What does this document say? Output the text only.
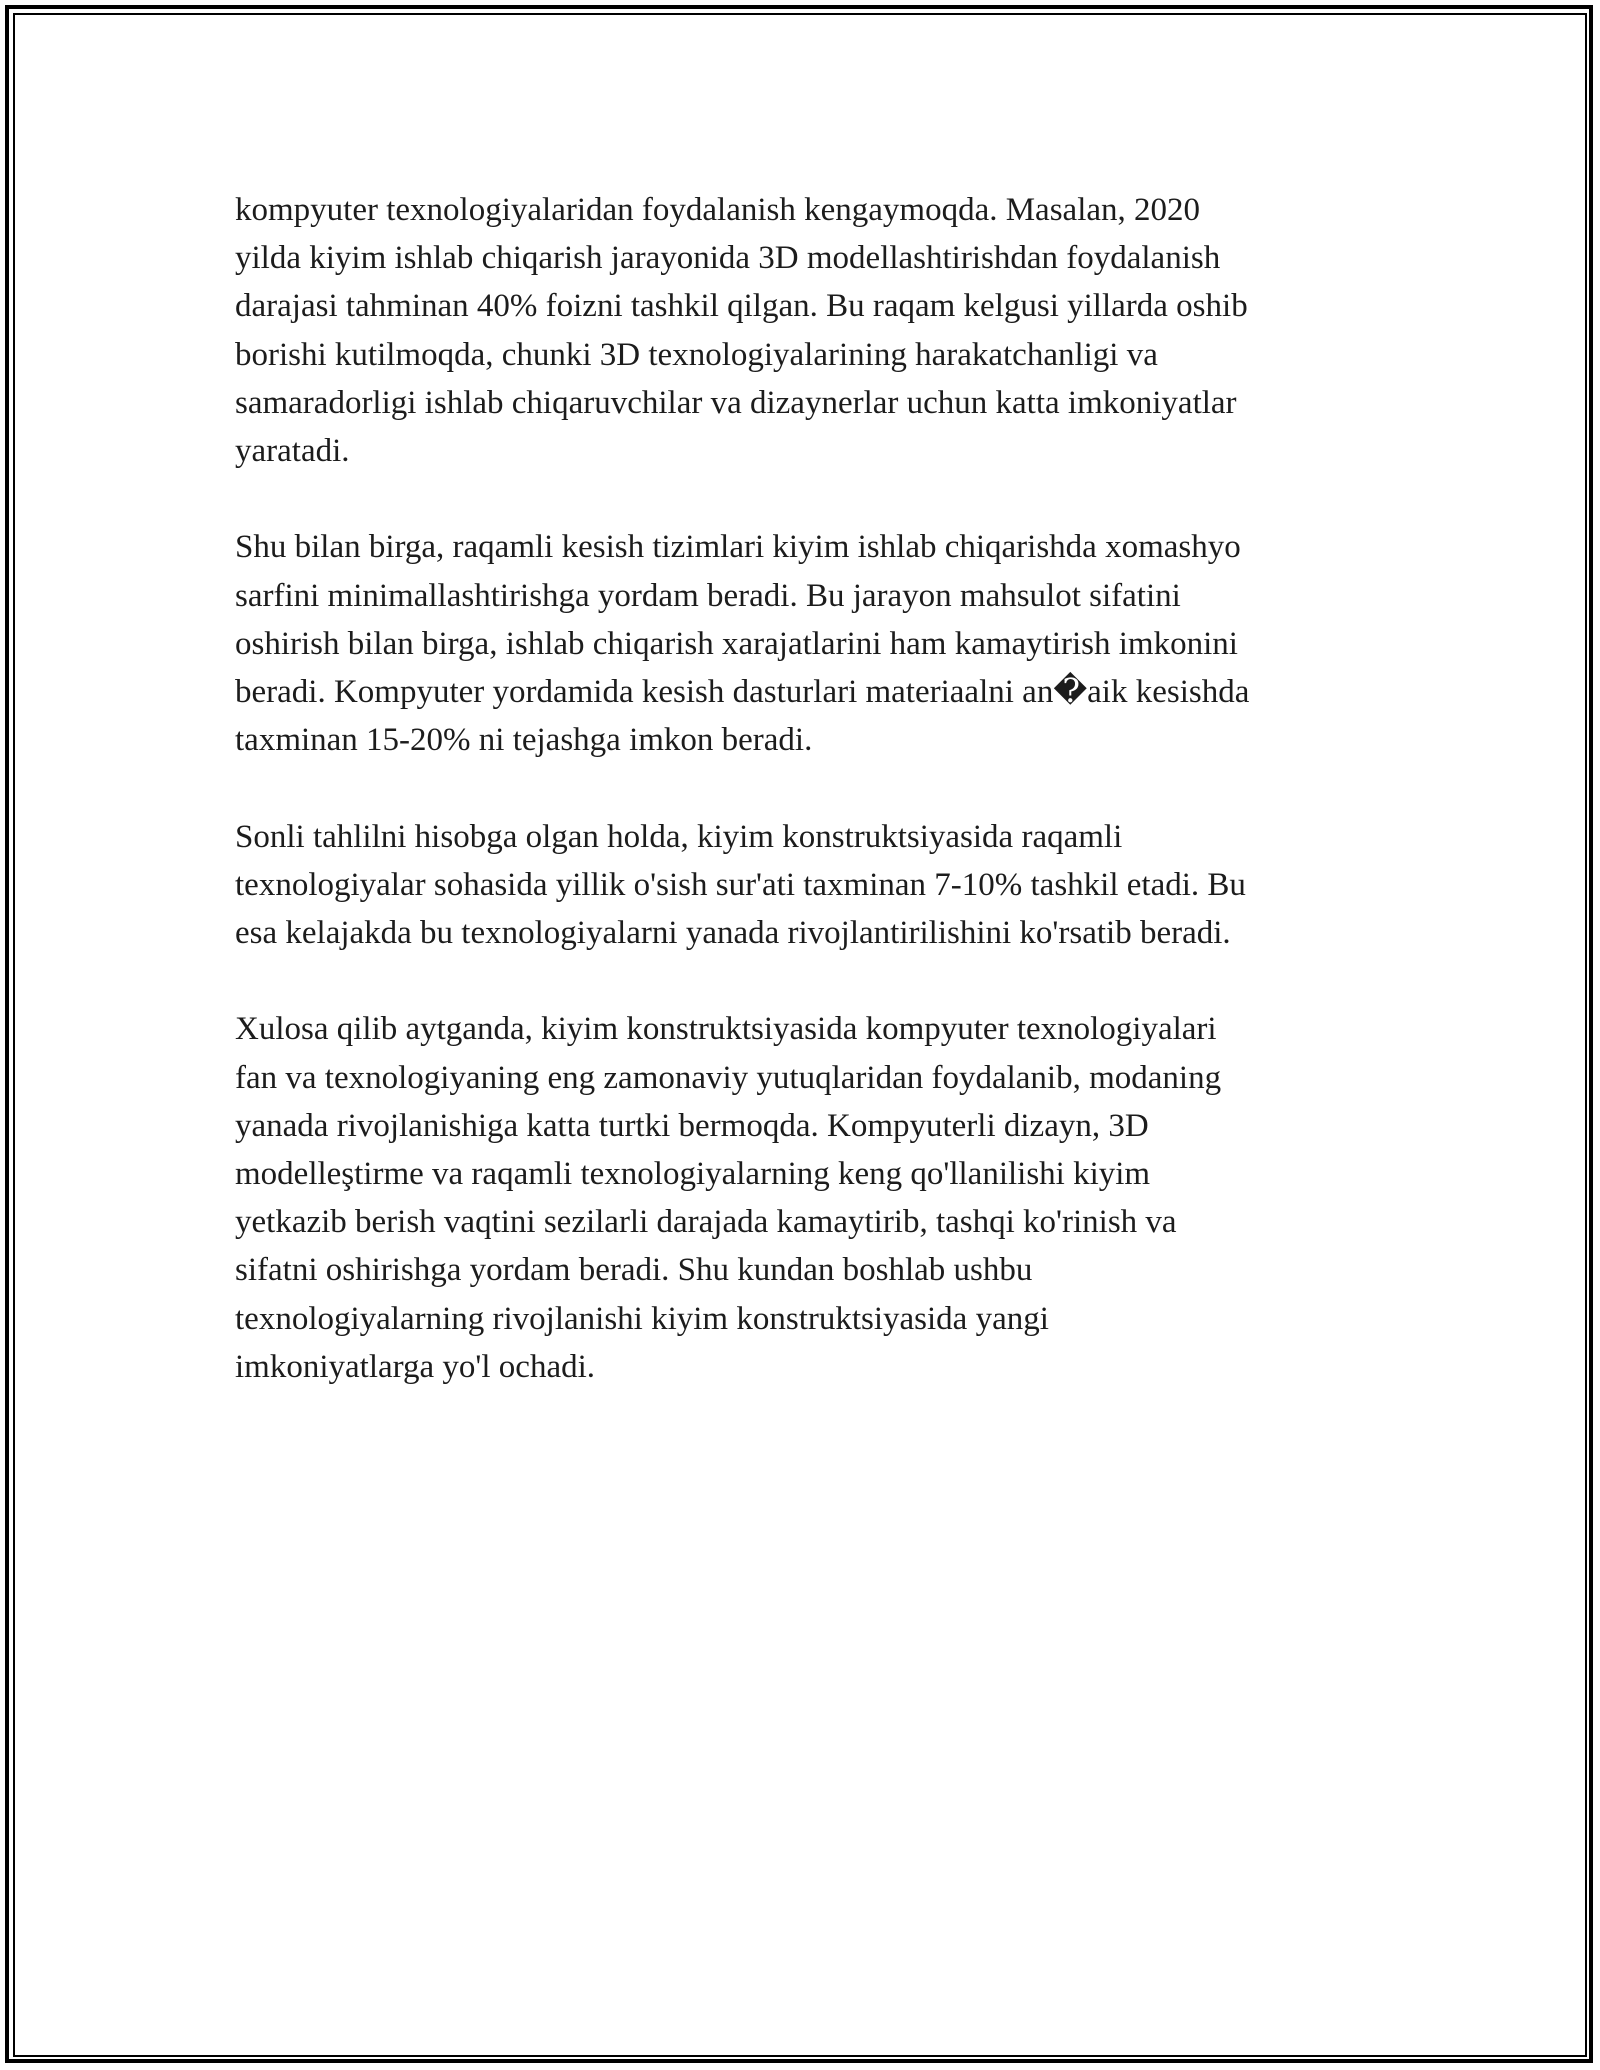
kompyuter texnologiyalaridan foydalanish kengaymoqda. Masalan, 2020
yilda kiyim ishlab chiqarish jarayonida 3D modellashtirishdan foydalanish
darajasi tahminan 40% foizni tashkil qilgan. Bu raqam kelgusi yillarda oshib
borishi kutilmoqda, chunki 3D texnologiyalarining harakatchanligi va
samaradorligi ishlab chiqaruvchilar va dizaynerlar uchun katta imkoniyatlar
yaratadi.

Shu bilan birga, raqamli kesish tizimlari kiyim ishlab chiqarishda xomashyo
sarfini minimallashtirishga yordam beradi. Bu jarayon mahsulot sifatini
oshirish bilan birga, ishlab chiqarish xarajatlarini ham kamaytirish imkonini
beradi. Kompyuter yordamida kesish dasturlari materiaalni an�aik kesishda
taxminan 15-20% ni tejashga imkon beradi.

Sonli tahlilni hisobga olgan holda, kiyim konstruktsiyasida raqamli
texnologiyalar sohasida yillik o'sish sur'ati taxminan 7-10% tashkil etadi. Bu
esa kelajakda bu texnologiyalarni yanada rivojlantirilishini ko'rsatib beradi.

Xulosa qilib aytganda, kiyim konstruktsiyasida kompyuter texnologiyalari
fan va texnologiyaning eng zamonaviy yutuqlaridan foydalanib, modaning
yanada rivojlanishiga katta turtki bermoqda. Kompyuterli dizayn, 3D
modelleştirme va raqamli texnologiyalarning keng qo'llanilishi kiyim
yetkazib berish vaqtini sezilarli darajada kamaytirib, tashqi ko'rinish va
sifatni oshirishga yordam beradi. Shu kundan boshlab ushbu
texnologiyalarning rivojlanishi kiyim konstruktsiyasida yangi
imkoniyatlarga yo'l ochadi.
